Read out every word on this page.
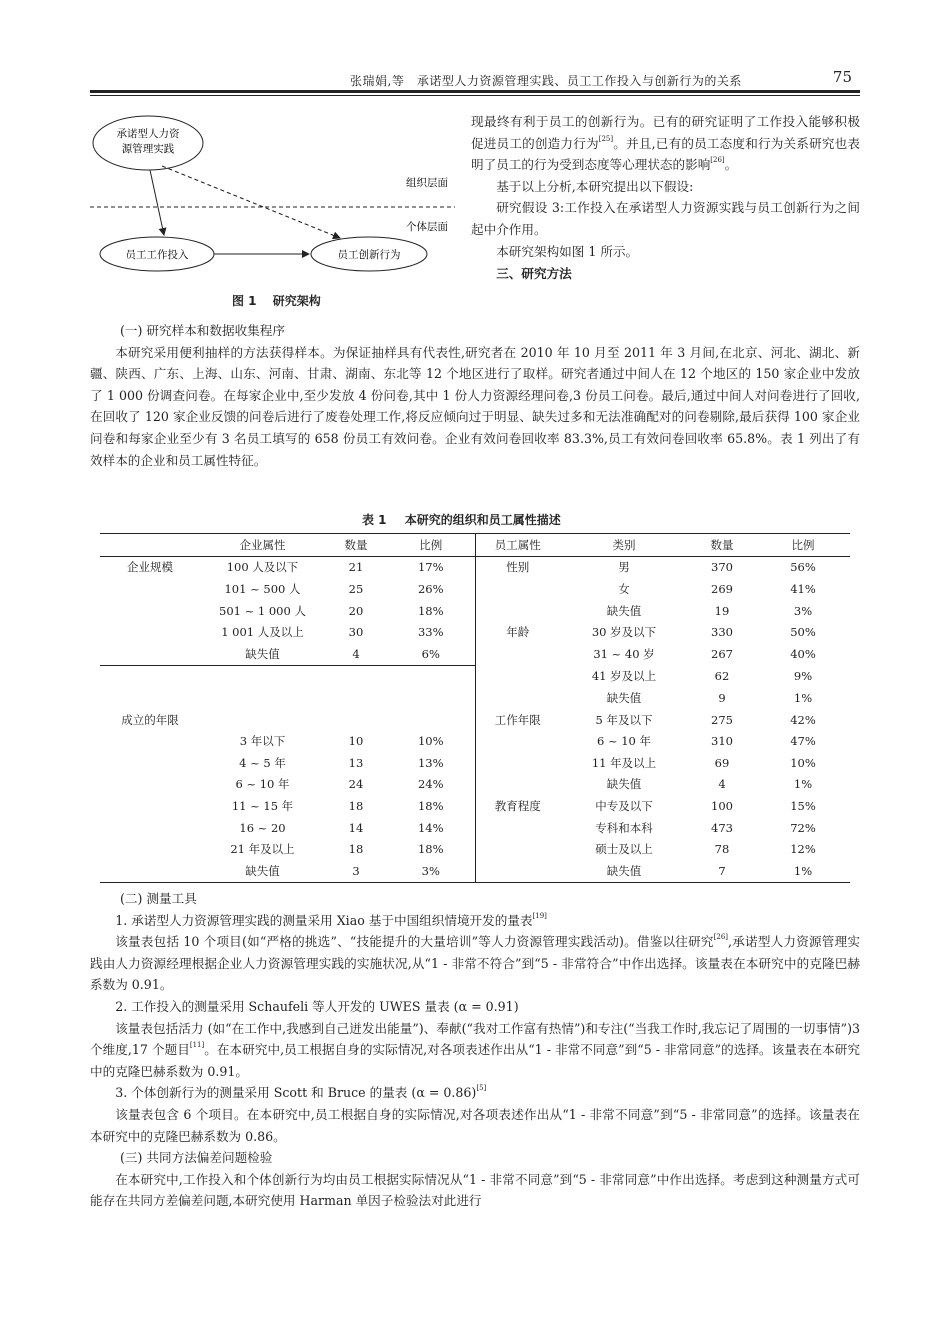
张瑞娟,等　承诺型人力资源管理实践、员工工作投入与创新行为的关系	75
承诺型人力资
源管理实践
组织层面
个体层面
员工工作投入	员工创新行为
图 1 研究架构

现最终有利于员工的创新行为。已有的研究证明了工作投入能够积极促进员工的创造力行为[25]。并且,已有的员工态度和行为关系研究也表明了员工的行为受到态度等心理状态的影响[26]。

基于以上分析,本研究提出以下假设:

研究假设 3:工作投入在承诺型人力资源实践与员工创新行为之间起中介作用。

本研究架构如图 1 所示。

三、研究方法

(一) 研究样本和数据收集程序

本研究采用便利抽样的方法获得样本。为保证抽样具有代表性,研究者在 2010 年 10 月至 2011 年 3 月间,在北京、河北、湖北、新疆、陕西、广东、上海、山东、河南、甘肃、湖南、东北等 12 个地区进行了取样。研究者通过中间人在 12 个地区的 150 家企业中发放了 1 000 份调查问卷。在每家企业中,至少发放 4 份问卷,其中 1 份人力资源经理问卷,3 份员工问卷。最后,通过中间人对问卷进行了回收,在回收了 120 家企业反馈的问卷后进行了废卷处理工作,将反应倾向过于明显、缺失过多和无法准确配对的问卷剔除,最后获得 100 家企业问卷和每家企业至少有 3 名员工填写的 658 份员工有效问卷。企业有效问卷回收率 83.3%,员工有效问卷回收率 65.8%。表 1 列出了有效样本的企业和员工属性特征。

表 1 本研究的组织和员工属性描述
	企业属性	数量	比例	员工属性	类别	数量	比例
企业规模	100 人及以下	21	17%	性别	男	370	56%
	101 ~ 500 人	25	26%		女	269	41%
	501 ~ 1 000 人	20	18%		缺失值	19	3%
	1 001 人及以上	30	33%	年龄	30 岁及以下	330	50%
	缺失值	4	6%		31 ~ 40 岁	267	40%
					41 岁及以上	62	9%
					缺失值	9	1%
成立的年限				工作年限	5 年及以下	275	42%
	3 年以下	10	10%		6 ~ 10 年	310	47%
	4 ~ 5 年	13	13%		11 年及以上	69	10%
	6 ~ 10 年	24	24%		缺失值	4	1%
	11 ~ 15 年	18	18%	教育程度	中专及以下	100	15%
	16 ~ 20	14	14%		专科和本科	473	72%
	21 年及以上	18	18%		硕士及以上	78	12%
	缺失值	3	3%		缺失值	7	1%

(二) 测量工具

1. 承诺型人力资源管理实践的测量采用 Xiao 基于中国组织情境开发的量表[19]

该量表包括 10 个项目(如“严格的挑选”、“技能提升的大量培训”等人力资源管理实践活动)。借鉴以往研究[26],承诺型人力资源管理实践由人力资源经理根据企业人力资源管理实践的实施状况,从“1 - 非常不符合”到“5 - 非常符合”中作出选择。该量表在本研究中的克隆巴赫系数为 0.91。

2. 工作投入的测量采用 Schaufeli 等人开发的 UWES 量表 (α = 0.91)

该量表包括活力 (如“在工作中,我感到自己迸发出能量”)、奉献(“我对工作富有热情”)和专注(“当我工作时,我忘记了周围的一切事情”)3 个维度,17 个题目[11]。在本研究中,员工根据自身的实际情况,对各项表述作出从“1 - 非常不同意”到“5 - 非常同意”的选择。该量表在本研究中的克隆巴赫系数为 0.91。

3. 个体创新行为的测量采用 Scott 和 Bruce 的量表 (α = 0.86)[5]

该量表包含 6 个项目。在本研究中,员工根据自身的实际情况,对各项表述作出从“1 - 非常不同意”到“5 - 非常同意”的选择。该量表在本研究中的克隆巴赫系数为 0.86。

(三) 共同方法偏差问题检验

在本研究中,工作投入和个体创新行为均由员工根据实际情况从“1 - 非常不同意”到“5 - 非常同意”中作出选择。考虑到这种测量方式可能存在共同方差偏差问题,本研究使用 Harman 单因子检验法对此进行
